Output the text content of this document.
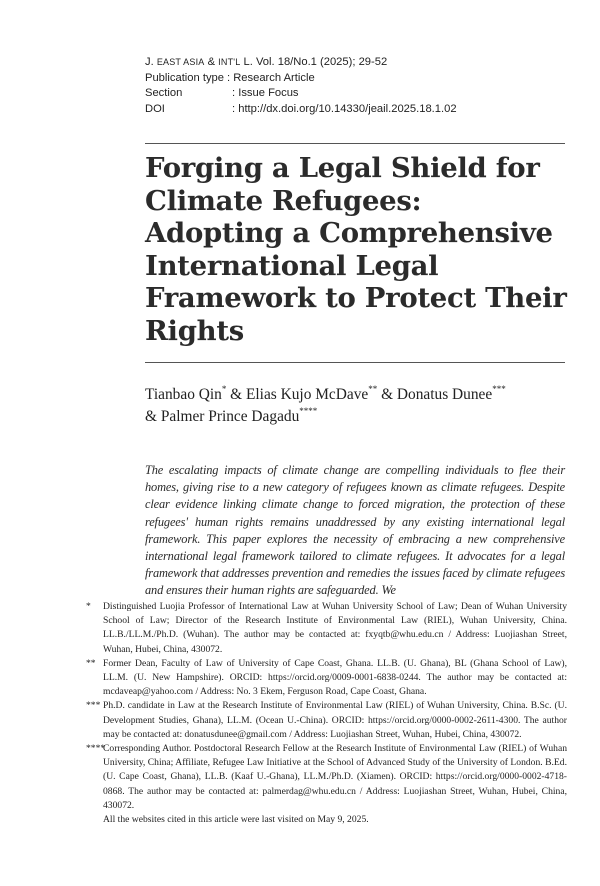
J. EAST ASIA & INT'L L. Vol. 18/No.1 (2025); 29-52
Publication type : Research Article
Section	: Issue Focus
DOI	: http://dx.doi.org/10.14330/jeail.2025.18.1.02
Forging a Legal Shield for
Climate Refugees:
Adopting a Comprehensive
International Legal
Framework to Protect Their
Rights
Tianbao Qin* & Elias Kujo McDave** & Donatus Dunee***
& Palmer Prince Dagadu****
The escalating impacts of climate change are compelling individuals to flee their homes, giving rise to a new category of refugees known as climate refugees. Despite clear evidence linking climate change to forced migration, the protection of these refugees' human rights remains unaddressed by any existing international legal framework. This paper explores the necessity of embracing a new comprehensive international legal framework tailored to climate refugees. It advocates for a legal framework that addresses prevention and remedies the issues faced by climate refugees and ensures their human rights are safeguarded. We
*	Distinguished Luojia Professor of International Law at Wuhan University School of Law; Dean of Wuhan University School of Law; Director of the Research Institute of Environmental Law (RIEL), Wuhan University, China. LL.B./LL.M./Ph.D. (Wuhan). The author may be contacted at: fxyqtb@whu.edu.cn / Address: Luojiashan Street, Wuhan, Hubei, China, 430072.
** Former Dean, Faculty of Law of University of Cape Coast, Ghana. LL.B. (U. Ghana), BL (Ghana School of Law), LL.M. (U. New Hampshire). ORCID: https://orcid.org/0009-0001-6838-0244. The author may be contacted at: mcdaveap@yahoo.com / Address: No. 3 Ekem, Ferguson Road, Cape Coast, Ghana.
*** Ph.D. candidate in Law at the Research Institute of Environmental Law (RIEL) of Wuhan University, China. B.Sc. (U. Development Studies, Ghana), LL.M. (Ocean U.-China). ORCID: https://orcid.org/0000-0002-2611-4300. The author may be contacted at: donatusdunee@gmail.com / Address: Luojiashan Street, Wuhan, Hubei, China, 430072.
****
Corresponding Author. Postdoctoral Research Fellow at the Research Institute of Environmental Law (RIEL) of Wuhan University, China; Affiliate, Refugee Law Initiative at the School of Advanced Study of the University of London. B.Ed. (U. Cape Coast, Ghana), LL.B. (Kaaf U.-Ghana), LL.M./Ph.D. (Xiamen). ORCID: https://orcid.org/0000-0002-4718-0868. The author may be contacted at: palmerdag@whu.edu.cn / Address: Luojiashan Street, Wuhan, Hubei, China, 430072.
All the websites cited in this article were last visited on May 9, 2025.
